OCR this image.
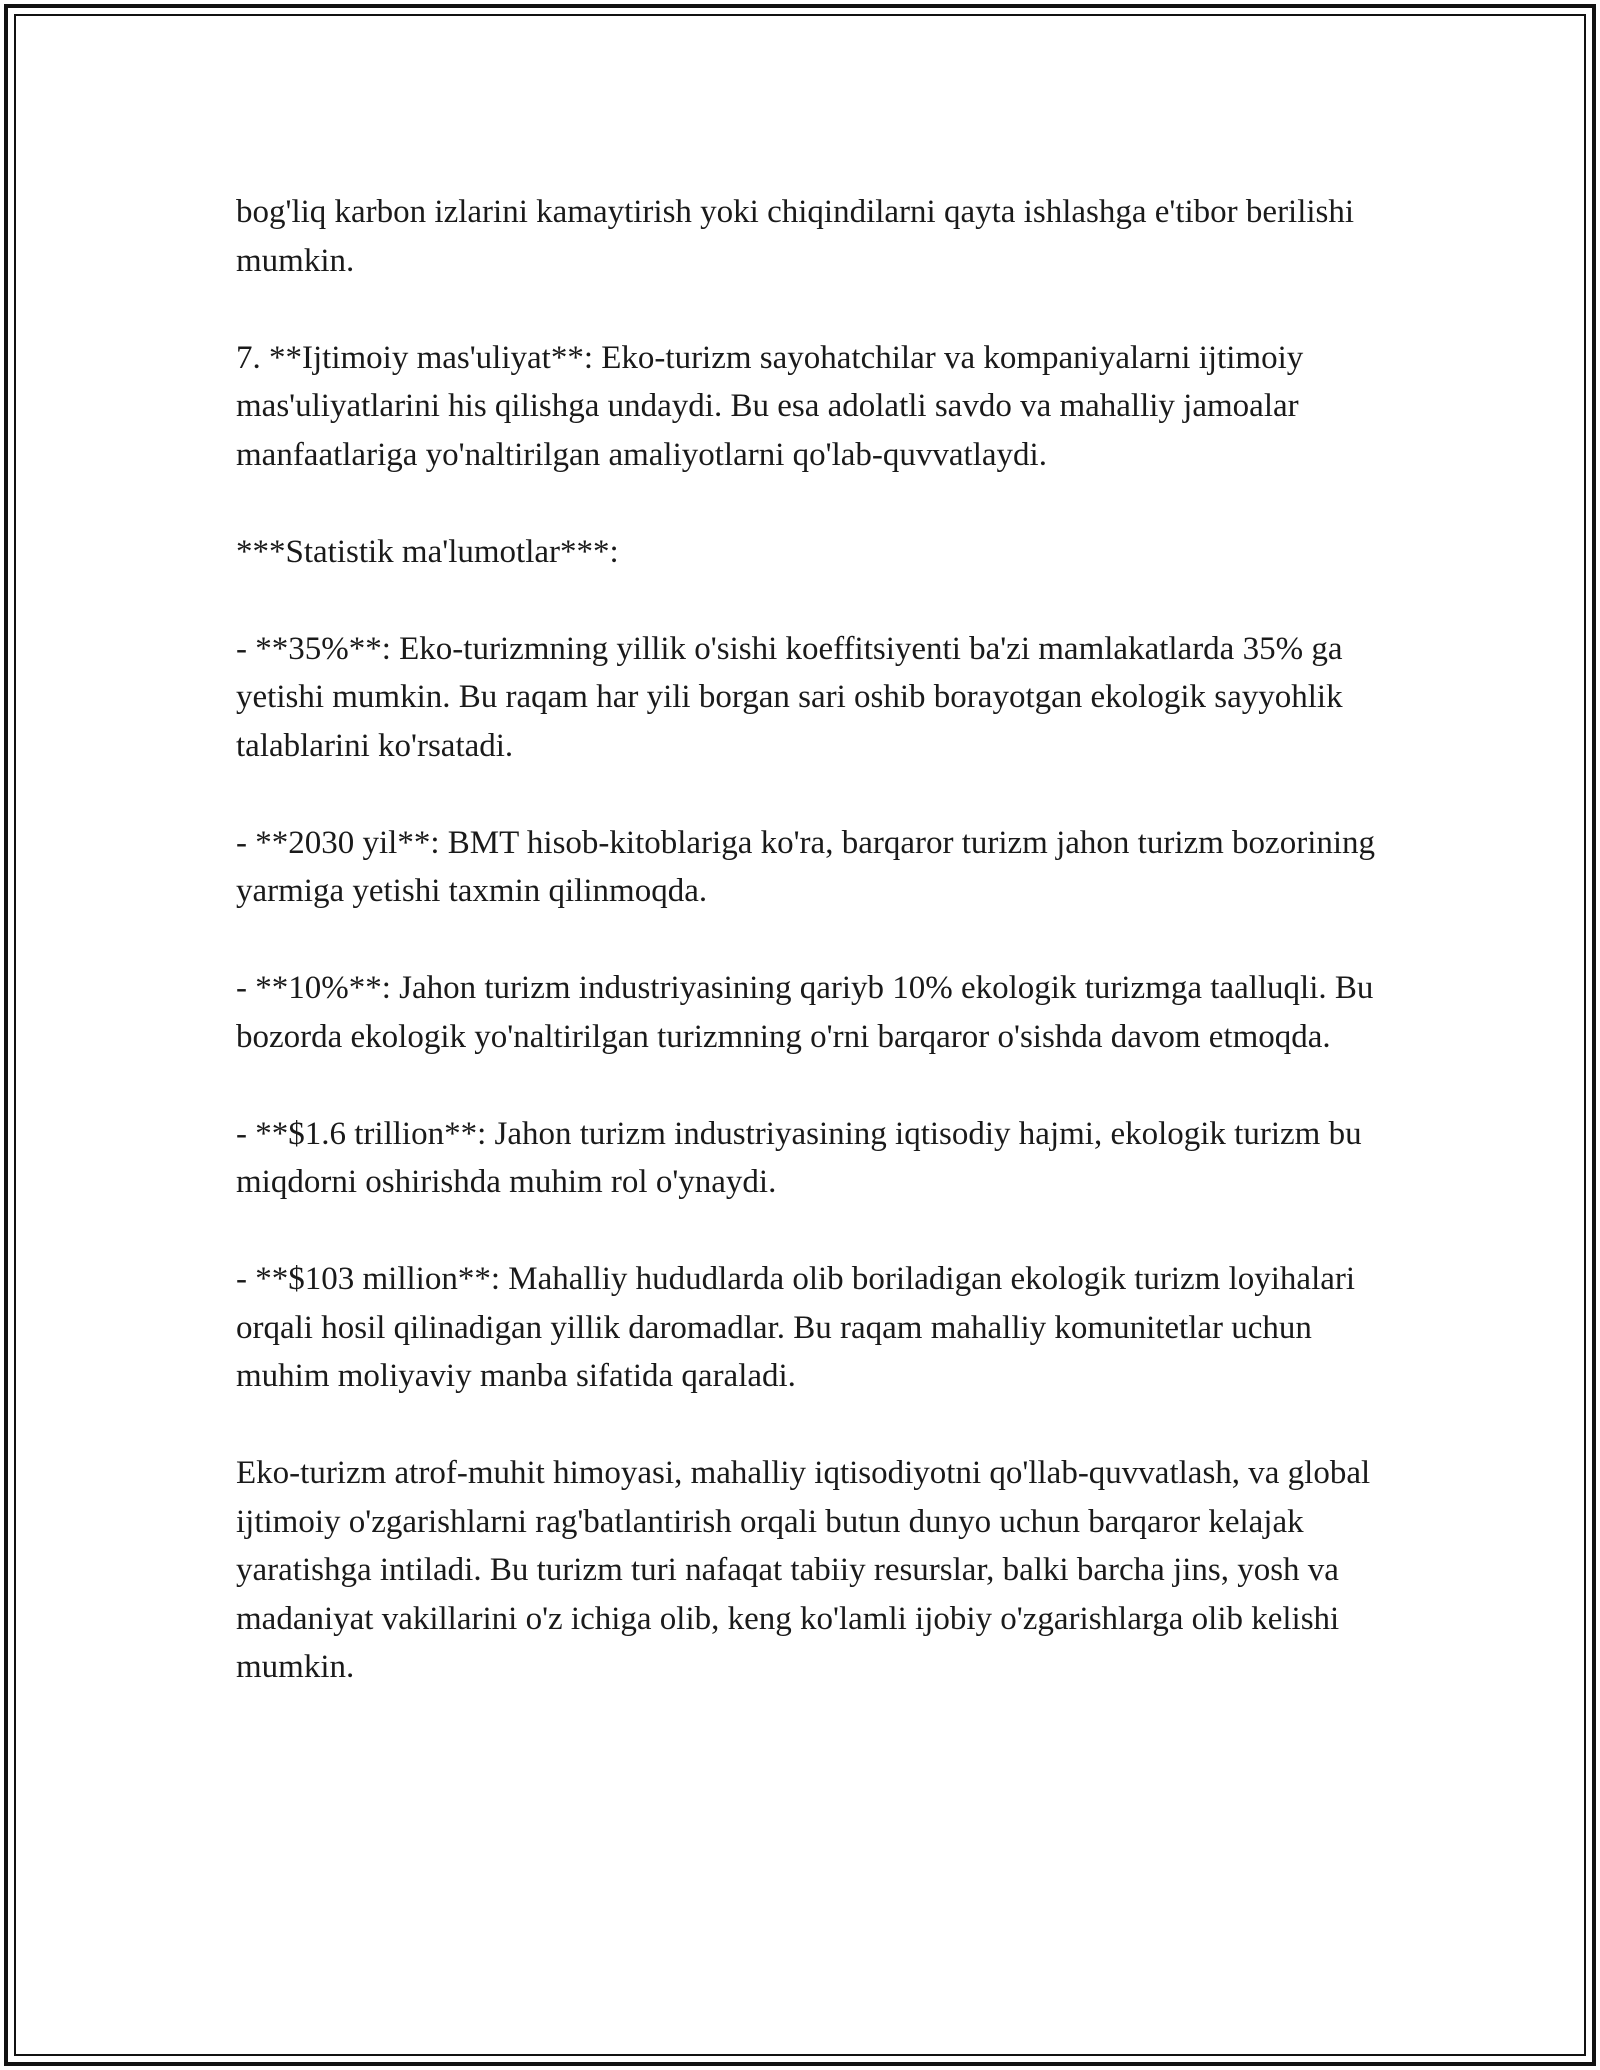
bog'liq karbon izlarini kamaytirish yoki chiqindilarni qayta ishlashga e'tibor berilishi mumkin.

7. **Ijtimoiy mas'uliyat**: Eko-turizm sayohatchilar va kompaniyalarni ijtimoiy mas'uliyatlarini his qilishga undaydi. Bu esa adolatli savdo va mahalliy jamoalar manfaatlariga yo'naltirilgan amaliyotlarni qo'lab-quvvatlaydi.

***Statistik ma'lumotlar***:

- **35%**: Eko-turizmning yillik o'sishi koeffitsiyenti ba'zi mamlakatlarda 35% ga yetishi mumkin. Bu raqam har yili borgan sari oshib borayotgan ekologik sayyohlik talablarini ko'rsatadi.

- **2030 yil**: BMT hisob-kitoblariga ko'ra, barqaror turizm jahon turizm bozorining yarmiga yetishi taxmin qilinmoqda.

- **10%**: Jahon turizm industriyasining qariyb 10% ekologik turizmga taalluqli. Bu bozorda ekologik yo'naltirilgan turizmning o'rni barqaror o'sishda davom etmoqda.

- **$1.6 trillion**: Jahon turizm industriyasining iqtisodiy hajmi, ekologik turizm bu miqdorni oshirishda muhim rol o'ynaydi.

- **$103 million**: Mahalliy hududlarda olib boriladigan ekologik turizm loyihalari orqali hosil qilinadigan yillik daromadlar. Bu raqam mahalliy komunitetlar uchun muhim moliyaviy manba sifatida qaraladi.

Eko-turizm atrof-muhit himoyasi, mahalliy iqtisodiyotni qo'llab-quvvatlash, va global ijtimoiy o'zgarishlarni rag'batlantirish orqali butun dunyo uchun barqaror kelajak yaratishga intiladi. Bu turizm turi nafaqat tabiiy resurslar, balki barcha jins, yosh va madaniyat vakillarini o'z ichiga olib, keng ko'lamli ijobiy o'zgarishlarga olib kelishi mumkin.
